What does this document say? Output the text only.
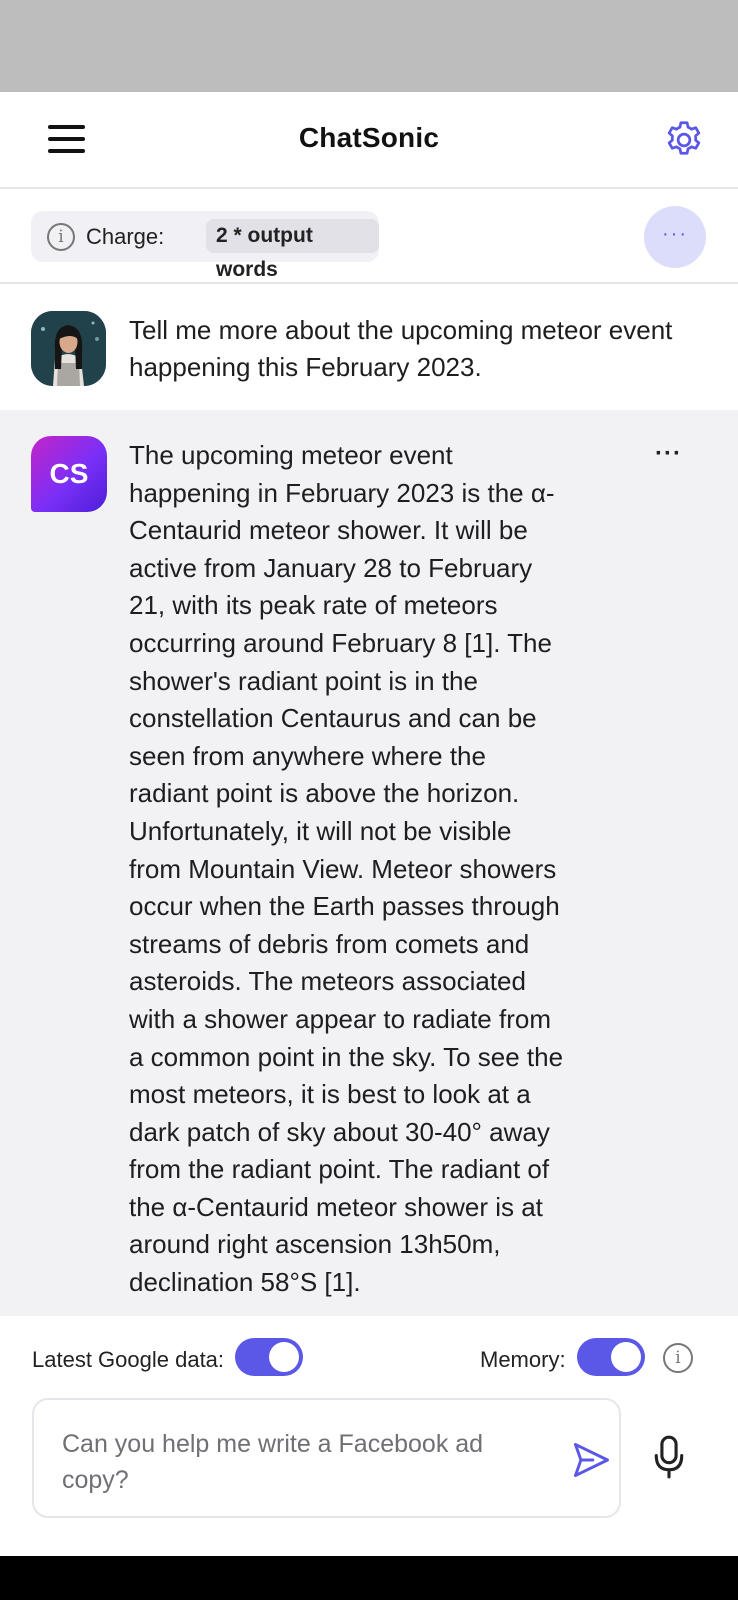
ChatSonic
i	Charge:	2 * output words
···
Tell me more about the upcoming meteor event happening this February 2023.
CS
The upcoming meteor event
happening in February 2023 is the α-
Centaurid meteor shower. It will be
active from January 28 to February
21, with its peak rate of meteors
occurring around February 8 [1]. The
shower's radiant point is in the
constellation Centaurus and can be
seen from anywhere where the
radiant point is above the horizon.
Unfortunately, it will not be visible
from Mountain View. Meteor showers
occur when the Earth passes through
streams of debris from comets and
asteroids. The meteors associated
with a shower appear to radiate from
a common point in the sky. To see the
most meteors, it is best to look at a
dark patch of sky about 30-40° away
from the radiant point. The radiant of
the α-Centaurid meteor shower is at
around right ascension 13h50m,
declination 58°S [1].
···
Latest Google data:	Memory:	i
Can you help me write a Facebook ad copy?
